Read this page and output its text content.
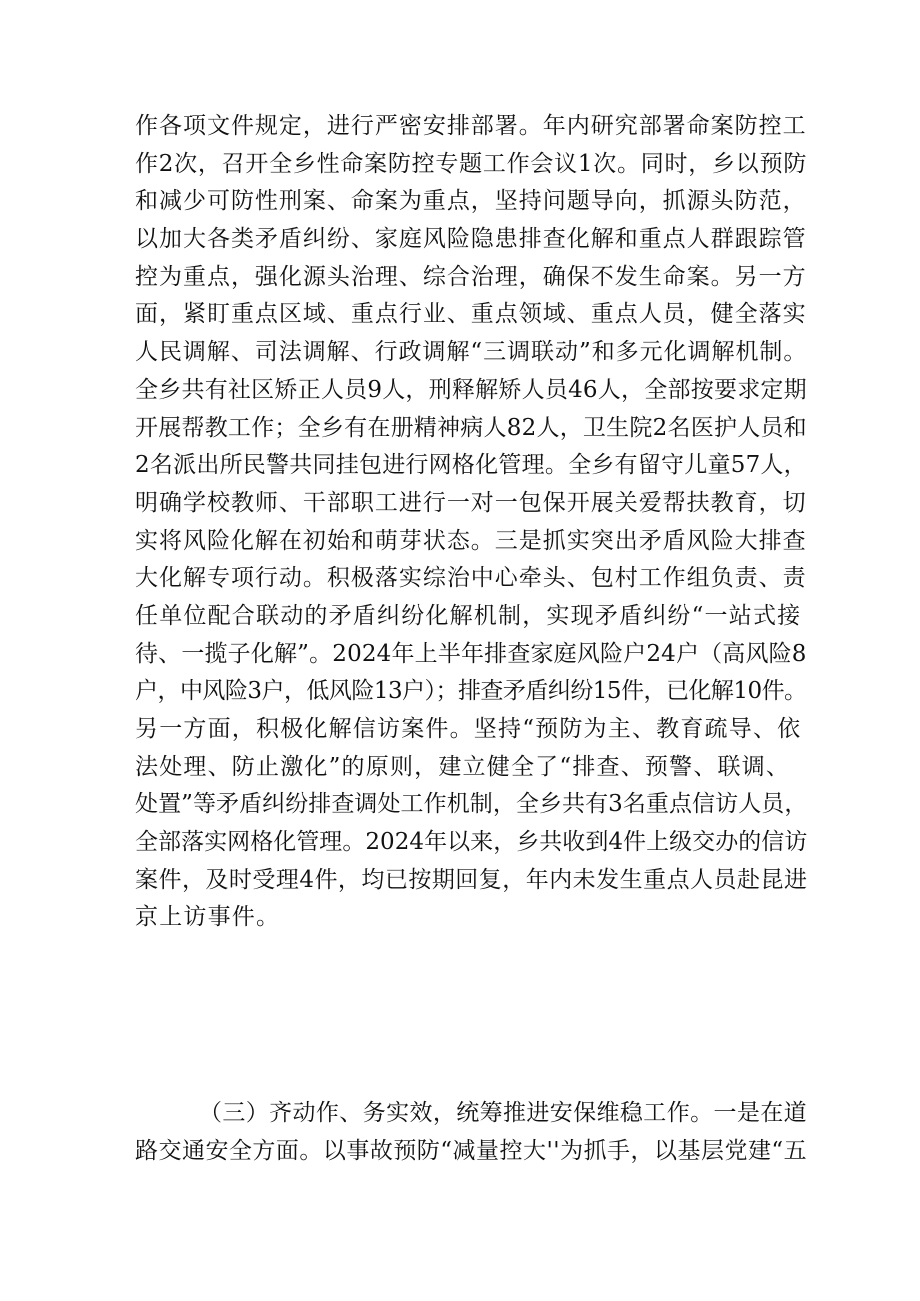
作各项文件规定，进行严密安排部署。年内研究部署命案防控工
作2次，召开全乡性命案防控专题工作会议1次。同时，乡以预防
和减少可防性刑案、命案为重点，坚持问题导向，抓源头防范，
以加大各类矛盾纠纷、家庭风险隐患排查化解和重点人群跟踪管
控为重点，强化源头治理、综合治理，确保不发生命案。另一方
面，紧盯重点区域、重点行业、重点领域、重点人员，健全落实
人民调解、司法调解、行政调解“三调联动”和多元化调解机制。
全乡共有社区矫正人员9人，刑释解矫人员46人，全部按要求定期
开展帮教工作；全乡有在册精神病人82人，卫生院2名医护人员和
2名派出所民警共同挂包进行网格化管理。全乡有留守儿童57人，
明确学校教师、干部职工进行一对一包保开展关爱帮扶教育，切
实将风险化解在初始和萌芽状态。三是抓实突出矛盾风险大排查
大化解专项行动。积极落实综治中心牵头、包村工作组负责、责
任单位配合联动的矛盾纠纷化解机制，实现矛盾纠纷“一站式接
待、一揽子化解”。2024年上半年排查家庭风险户24户（高风险8
户，中风险3户，低风险13户）；排查矛盾纠纷15件，已化解10件。
另一方面，积极化解信访案件。坚持“预防为主、教育疏导、依
法处理、防止激化”的原则，建立健全了“排查、预警、联调、
处置”等矛盾纠纷排查调处工作机制，全乡共有3名重点信访人员，
全部落实网格化管理。2024年以来，乡共收到4件上级交办的信访
案件，及时受理4件，均已按期回复，年内未发生重点人员赴昆进
京上访事件。
（三）齐动作、务实效，统筹推进安保维稳工作。一是在道
路交通安全方面。以事故预防“减量控大''为抓手，以基层党建“五
